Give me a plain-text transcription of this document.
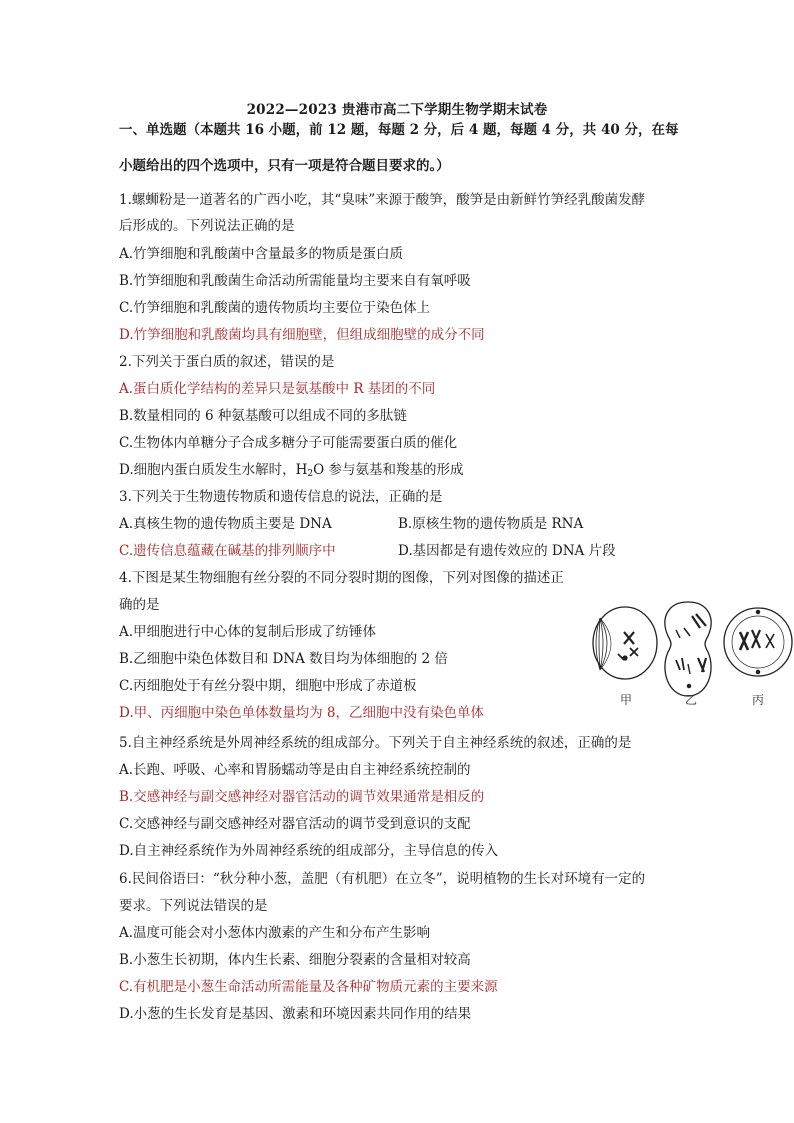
2022—2023 贵港市高二下学期生物学期末试卷
一、单选题（本题共 16 小题，前 12 题，每题 2 分，后 4 题，每题 4 分，共 40 分，在每
小题给出的四个选项中，只有一项是符合题目要求的。）
1.螺蛳粉是一道著名的广西小吃，其“臭味”来源于酸笋，酸笋是由新鲜竹笋经乳酸菌发酵
后形成的。下列说法正确的是
A.竹笋细胞和乳酸菌中含量最多的物质是蛋白质
B.竹笋细胞和乳酸菌生命活动所需能量均主要来自有氧呼吸
C.竹笋细胞和乳酸菌的遗传物质均主要位于染色体上
D.竹笋细胞和乳酸菌均具有细胞壁，但组成细胞壁的成分不同
2.下列关于蛋白质的叙述，错误的是
A.蛋白质化学结构的差异只是氨基酸中 R 基团的不同
B.数量相同的 6 种氨基酸可以组成不同的多肽链
C.生物体内单糖分子合成多糖分子可能需要蛋白质的催化
D.细胞内蛋白质发生水解时，$H_2O$ 参与氨基和羧基的形成
3.下列关于生物遗传物质和遗传信息的说法，正确的是
A.真核生物的遗传物质主要是 DNA	B.原核生物的遗传物质是 RNA
C.遗传信息蕴藏在碱基的排列顺序中	D.基因都是有遗传效应的 DNA 片段
4.下图是某生物细胞有丝分裂的不同分裂时期的图像，下列对图像的描述正
确的是
A.甲细胞进行中心体的复制后形成了纺锤体
B.乙细胞中染色体数目和 DNA 数目均为体细胞的 2 倍
C.丙细胞处于有丝分裂中期，细胞中形成了赤道板
D.甲、丙细胞中染色单体数量均为 8，乙细胞中没有染色单体
甲	乙	丙
5.自主神经系统是外周神经系统的组成部分。下列关于自主神经系统的叙述，正确的是
A.长跑、呼吸、心率和胃肠蠕动等是由自主神经系统控制的
B.交感神经与副交感神经对器官活动的调节效果通常是相反的
C.交感神经与副交感神经对器官活动的调节受到意识的支配
D.自主神经系统作为外周神经系统的组成部分，主导信息的传入
6.民间俗语曰：“秋分种小葱，盖肥（有机肥）在立冬”，说明植物的生长对环境有一定的
要求。下列说法错误的是
A.温度可能会对小葱体内激素的产生和分布产生影响
B.小葱生长初期，体内生长素、细胞分裂素的含量相对较高
C.有机肥是小葱生命活动所需能量及各种矿物质元素的主要来源
D.小葱的生长发育是基因、激素和环境因素共同作用的结果
